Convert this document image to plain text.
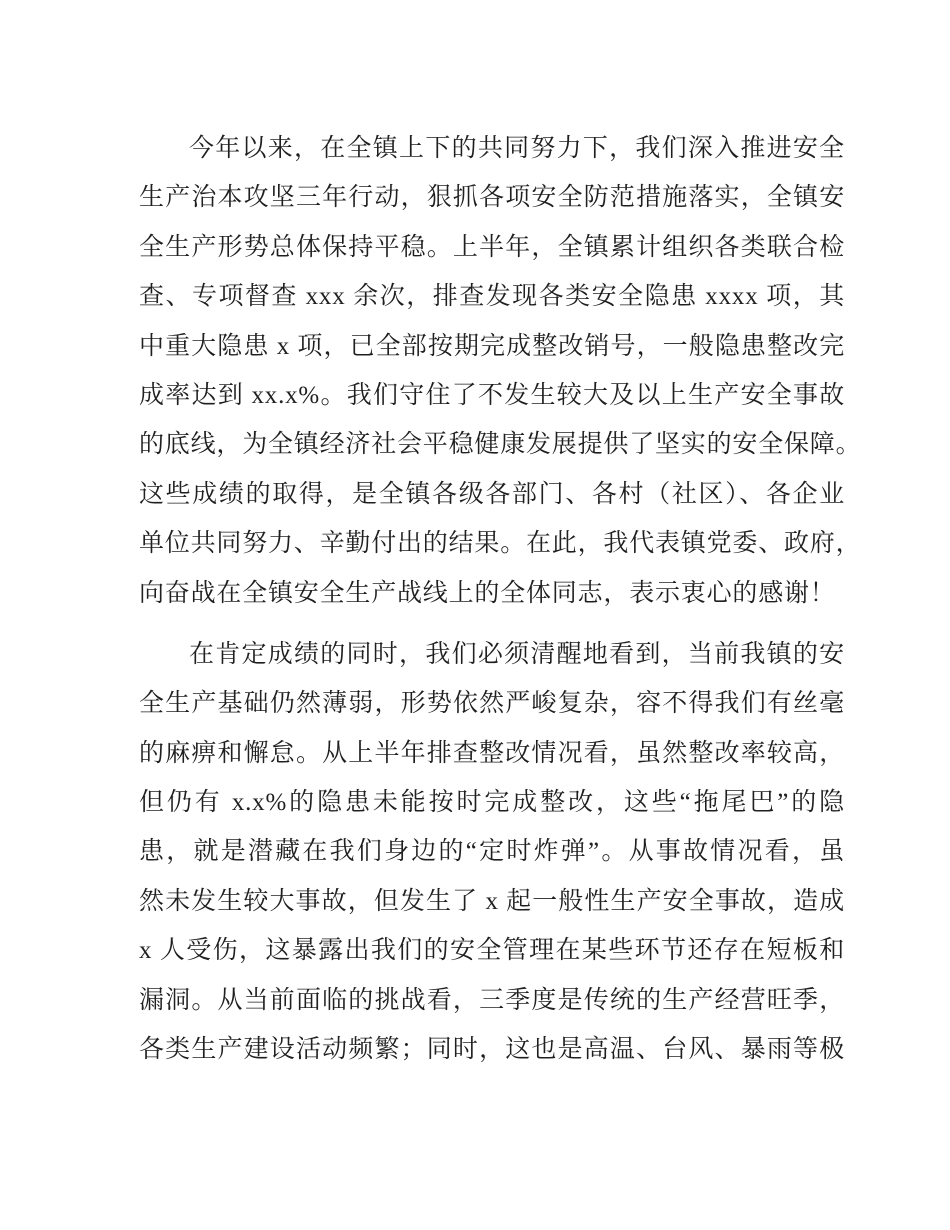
今年以来，在全镇上下的共同努力下，我们深入推进安全
生产治本攻坚三年行动，狠抓各项安全防范措施落实，全镇安
全生产形势总体保持平稳。上半年，全镇累计组织各类联合检
查、专项督查 xxx 余次，排查发现各类安全隐患 xxxx 项，其
中重大隐患 x 项，已全部按期完成整改销号，一般隐患整改完
成率达到 xx.x%。我们守住了不发生较大及以上生产安全事故
的底线，为全镇经济社会平稳健康发展提供了坚实的安全保障。
这些成绩的取得，是全镇各级各部门、各村（社区）、各企业
单位共同努力、辛勤付出的结果。在此，我代表镇党委、政府，
向奋战在全镇安全生产战线上的全体同志，表示衷心的感谢！
在肯定成绩的同时，我们必须清醒地看到，当前我镇的安
全生产基础仍然薄弱，形势依然严峻复杂，容不得我们有丝毫
的麻痹和懈怠。从上半年排查整改情况看，虽然整改率较高，
但仍有 x.x%的隐患未能按时完成整改，这些“拖尾巴”的隐
患，就是潜藏在我们身边的“定时炸弹”。从事故情况看，虽
然未发生较大事故，但发生了 x 起一般性生产安全事故，造成
x 人受伤，这暴露出我们的安全管理在某些环节还存在短板和
漏洞。从当前面临的挑战看，三季度是传统的生产经营旺季，
各类生产建设活动频繁；同时，这也是高温、台风、暴雨等极
